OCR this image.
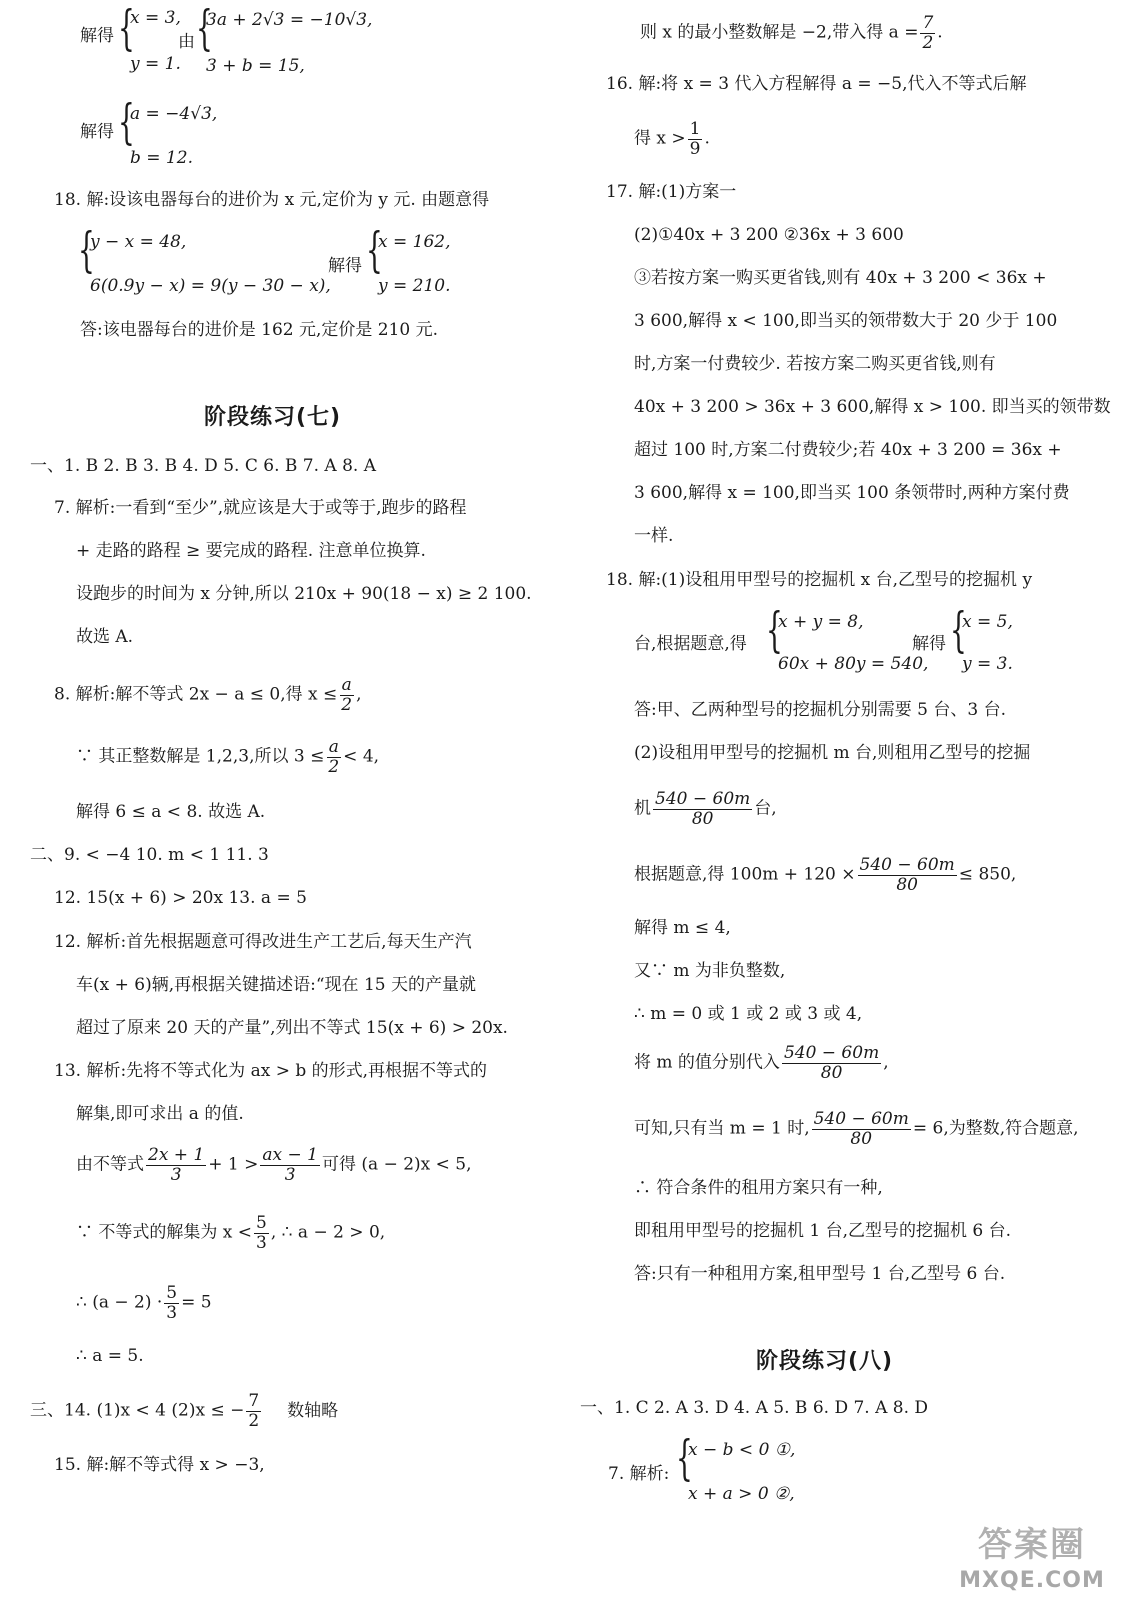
解得 {
x = 3,
y = 1.
由 {
3a + 2√3 = −10√3,
3 + b = 15,
解得 {
a = −4√3,
b = 12.
18. 解:设该电器每台的进价为 x 元,定价为 y 元. 由题意得
{
y − x = 48,
6(0.9y − x) = 9(y − 30 − x),
解得 {
x = 162,
y = 210.
答:该电器每台的进价是 162 元,定价是 210 元.
阶段练习(七)
一、1. B 2. B 3. B 4. D 5. C 6. B 7. A 8. A
7. 解析:一看到“至少”,就应该是大于或等于,跑步的路程
+ 走路的路程 ≥ 要完成的路程. 注意单位换算.
设跑步的时间为 x 分钟,所以 210x + 90(18 − x) ≥ 2 100.
故选 A.
8. 解析:解不等式 2x − a ≤ 0,得 $x \le \frac{a}{2}$ ,
∵ 其正整数解是 1,2,3,所以 $3 \le \frac{a}{2} < 4$,
解得 6 ≤ a < 8. 故选 A.
二、9. < −4 10. m < 1 11. 3
12. 15(x + 6) > 20x 13. a = 5
12. 解析:首先根据题意可得改进生产工艺后,每天生产汽
车(x + 6)辆,再根据关键描述语:“现在 15 天的产量就
超过了原来 20 天的产量”,列出不等式 15(x + 6) > 20x.
13. 解析:先将不等式化为 ax > b 的形式,再根据不等式的
解集,即可求出 a 的值.
由不等式 $\frac{2x + 1}{3} + 1 > \frac{ax - 1}{3}$ 可得 (a − 2)x < 5,
∵ 不等式的解集为 $x < \frac{5}{3}$ , ∴ a − 2 > 0,
∴ $(a - 2) \cdot \frac{5}{3} = 5$
∴ a = 5.
三、14. (1)x < 4 (2)x ≤ − $\frac{7}{2}$ 数轴略
15. 解:解不等式得 x > −3,
则 x 的最小整数解是 −2,带入得 $a = \frac{7}{2}$ .
16. 解:将 x = 3 代入方程解得 a = −5,代入不等式后解
得 $x > \frac{1}{9}$ .
17. 解:(1)方案一
(2)①40x + 3 200 ②36x + 3 600
③若按方案一购买更省钱,则有 40x + 3 200 < 36x +
3 600,解得 x < 100,即当买的领带数大于 20 少于 100
时,方案一付费较少. 若按方案二购买更省钱,则有
40x + 3 200 > 36x + 3 600,解得 x > 100. 即当买的领带数
超过 100 时,方案二付费较少;若 40x + 3 200 = 36x +
3 600,解得 x = 100,即当买 100 条领带时,两种方案付费
一样.
18. 解:(1)设租用甲型号的挖掘机 x 台,乙型号的挖掘机 y
台,根据题意,得 {
x + y = 8,
60x + 80y = 540,
解得 {
x = 5,
y = 3.
答:甲、乙两种型号的挖掘机分别需要 5 台、3 台.
(2)设租用甲型号的挖掘机 m 台,则租用乙型号的挖掘
机 $\frac{540 - 60m}{80}$ 台,
根据题意,得 $100m + 120 \times \frac{540 - 60m}{80} \le 850$,
解得 m ≤ 4,
又∵ m 为非负整数,
∴ m = 0 或 1 或 2 或 3 或 4,
将 m 的值分别代入 $\frac{540 - 60m}{80}$ ,
可知,只有当 m = 1 时, $\frac{540 - 60m}{80} = 6$,为整数,符合题意,
∴ 符合条件的租用方案只有一种,
即租用甲型号的挖掘机 1 台,乙型号的挖掘机 6 台.
答:只有一种租用方案,租甲型号 1 台,乙型号 6 台.
阶段练习(八)
一、1. C 2. A 3. D 4. A 5. B 6. D 7. A 8. D
7. 解析: {
x − b < 0 ①,
x + a > 0 ②,
答案圈
MXQE.COM
